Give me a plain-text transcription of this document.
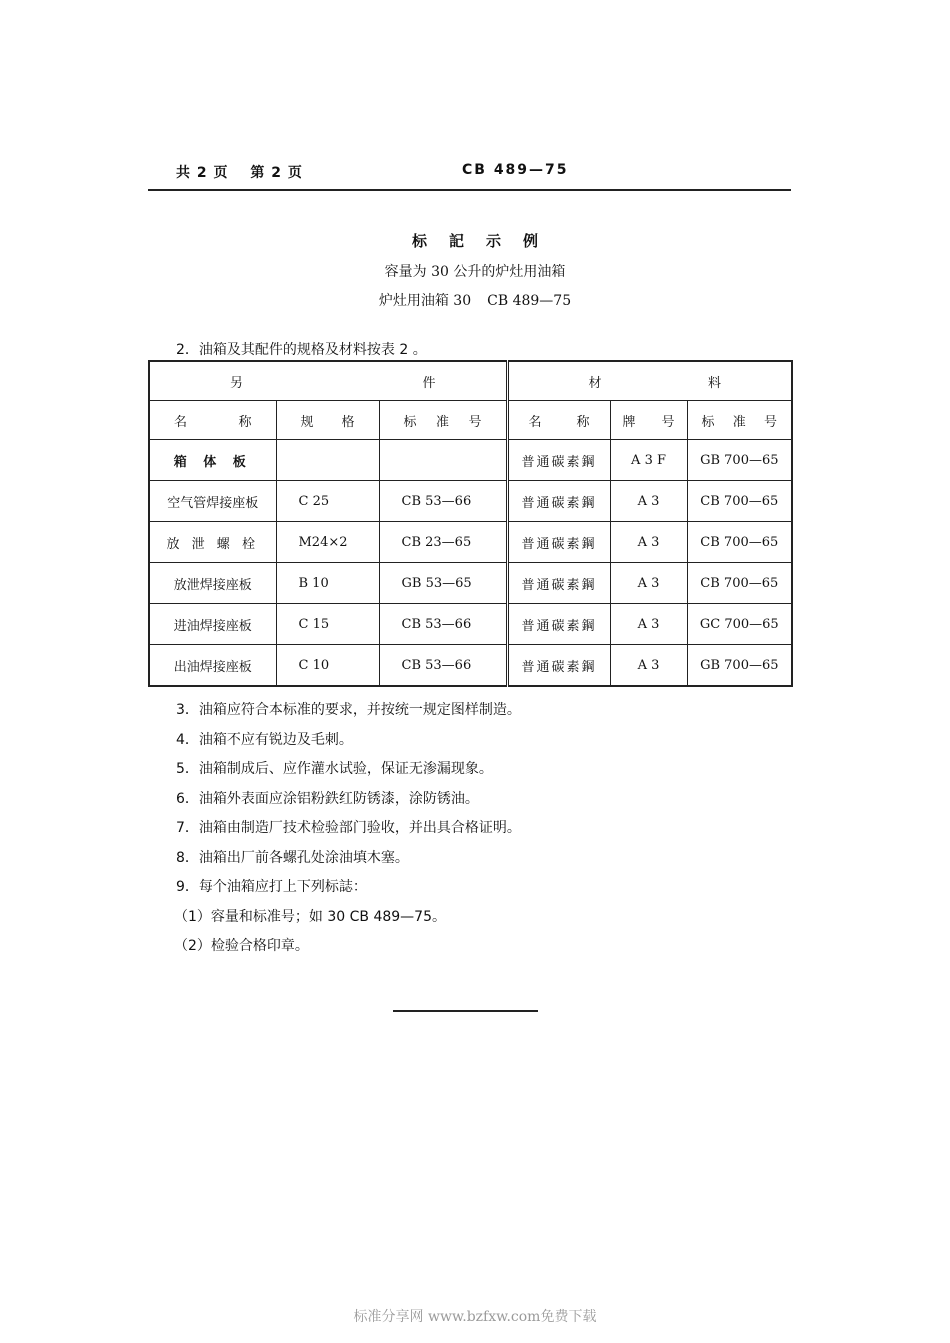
共 2 页 第 2 页	CB 489—75
标記示例
容量为 30 公升的炉灶用油箱
炉灶用油箱 30 CB 489—75
2．油箱及其配件的规格及材料按表 2 。
另 件			材 料		

名 称	规 格	标 准 号	名 称	牌 号	标 准 号

箱 体 板			普通碳素鋼	A 3 F	GB 700—65
空气管焊接座板	C 25	CB 53—66	普通碳素鋼	A 3	CB 700—65
放 泄 螺 栓	M24×2	CB 23—65	普通碳素鋼	A 3	CB 700—65
放泄焊接座板	B 10	GB 53—65	普通碳素鋼	A 3	CB 700—65
进油焊接座板	C 15	CB 53—66	普通碳素鋼	A 3	GC 700—65
出油焊接座板	C 10	CB 53—66	普通碳素鋼	A 3	GB 700—65
3．油箱应符合本标准的要求，并按统一规定图样制造。
4．油箱不应有锐边及毛刺。
5．油箱制成后、应作灌水试验，保证无渗漏现象。
6．油箱外表面应涂铝粉鉄红防锈漆，涂防锈油。
7．油箱由制造厂技术检验部门验收，并出具合格证明。
8．油箱出厂前各螺孔处涂油填木塞。
9．每个油箱应打上下列标誌：
（1）容量和标准号；如 30 CB 489—75。
（2）检验合格印章。
标准分享网 www.bzfxw.com免费下载
